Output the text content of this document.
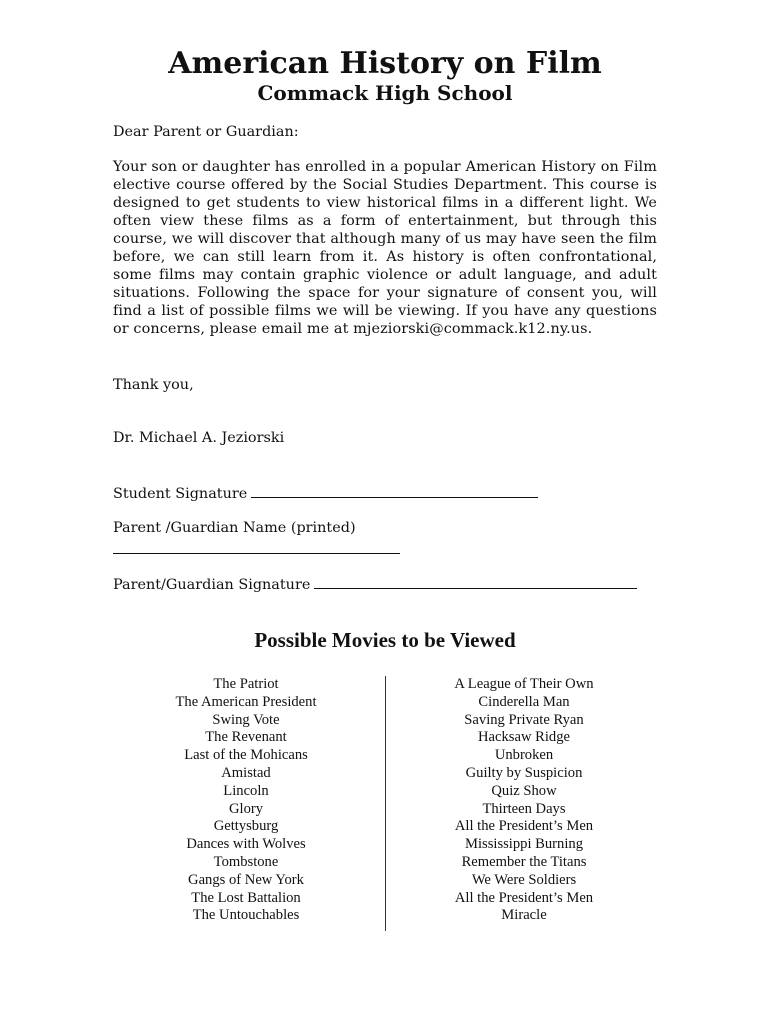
American History on Film
Commack High School

Dear Parent or Guardian:

Your son or daughter has enrolled in a popular American History on Film elective course offered by the Social Studies Department. This course is designed to get students to view historical films in a different light. We often view these films as a form of entertainment, but through this course, we will discover that although many of us may have seen the film before, we can still learn from it. As history is often confrontational, some films may contain graphic violence or adult language, and adult situations. Following the space for your signature of consent you, will find a list of possible films we will be viewing. If you have any questions or concerns, please email me at mjeziorski@commack.k12.ny.us.

Thank you,

Dr. Michael A. Jeziorski

Student Signature

Parent /Guardian Name (printed)

Parent/Guardian Signature

Possible Movies to be Viewed
The Patriot
The American President
Swing Vote
The Revenant
Last of the Mohicans
Amistad
Lincoln
Glory
Gettysburg
Dances with Wolves
Tombstone
Gangs of New York
The Lost Battalion
The Untouchables
A League of Their Own
Cinderella Man
Saving Private Ryan
Hacksaw Ridge
Unbroken
Guilty by Suspicion
Quiz Show
Thirteen Days
All the President’s Men
Mississippi Burning
Remember the Titans
We Were Soldiers
All the President’s Men
Miracle
